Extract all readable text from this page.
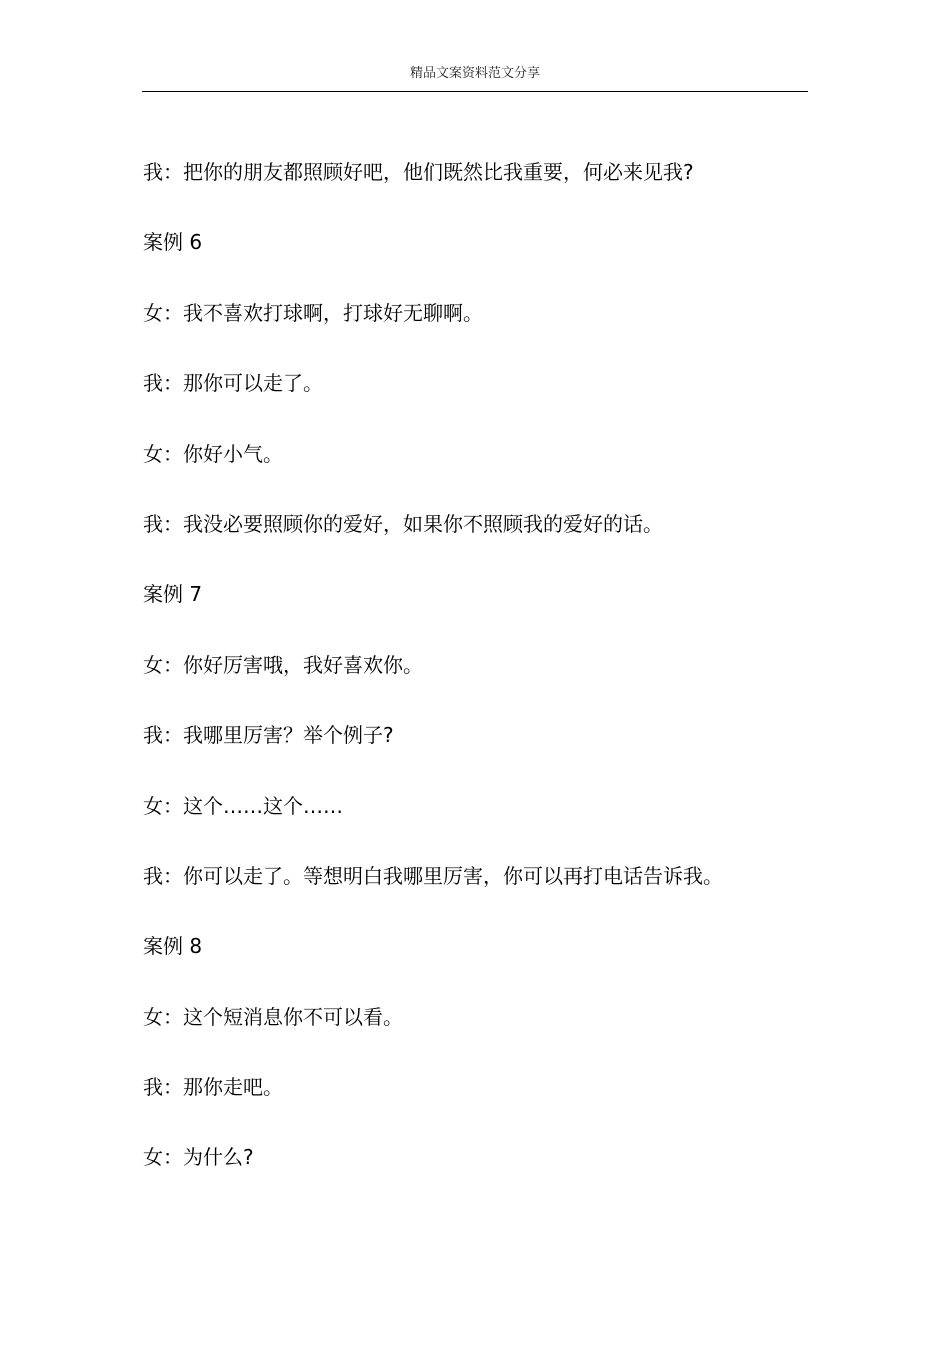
精品文案资料范文分享
我：把你的朋友都照顾好吧，他们既然比我重要，何必来见我?
案例 6
女：我不喜欢打球啊，打球好无聊啊。
我：那你可以走了。
女：你好小气。
我：我没必要照顾你的爱好，如果你不照顾我的爱好的话。
案例 7
女：你好厉害哦，我好喜欢你。
我：我哪里厉害？举个例子?
女：这个……这个……
我：你可以走了。等想明白我哪里厉害，你可以再打电话告诉我。
案例 8
女：这个短消息你不可以看。
我：那你走吧。
女：为什么?
